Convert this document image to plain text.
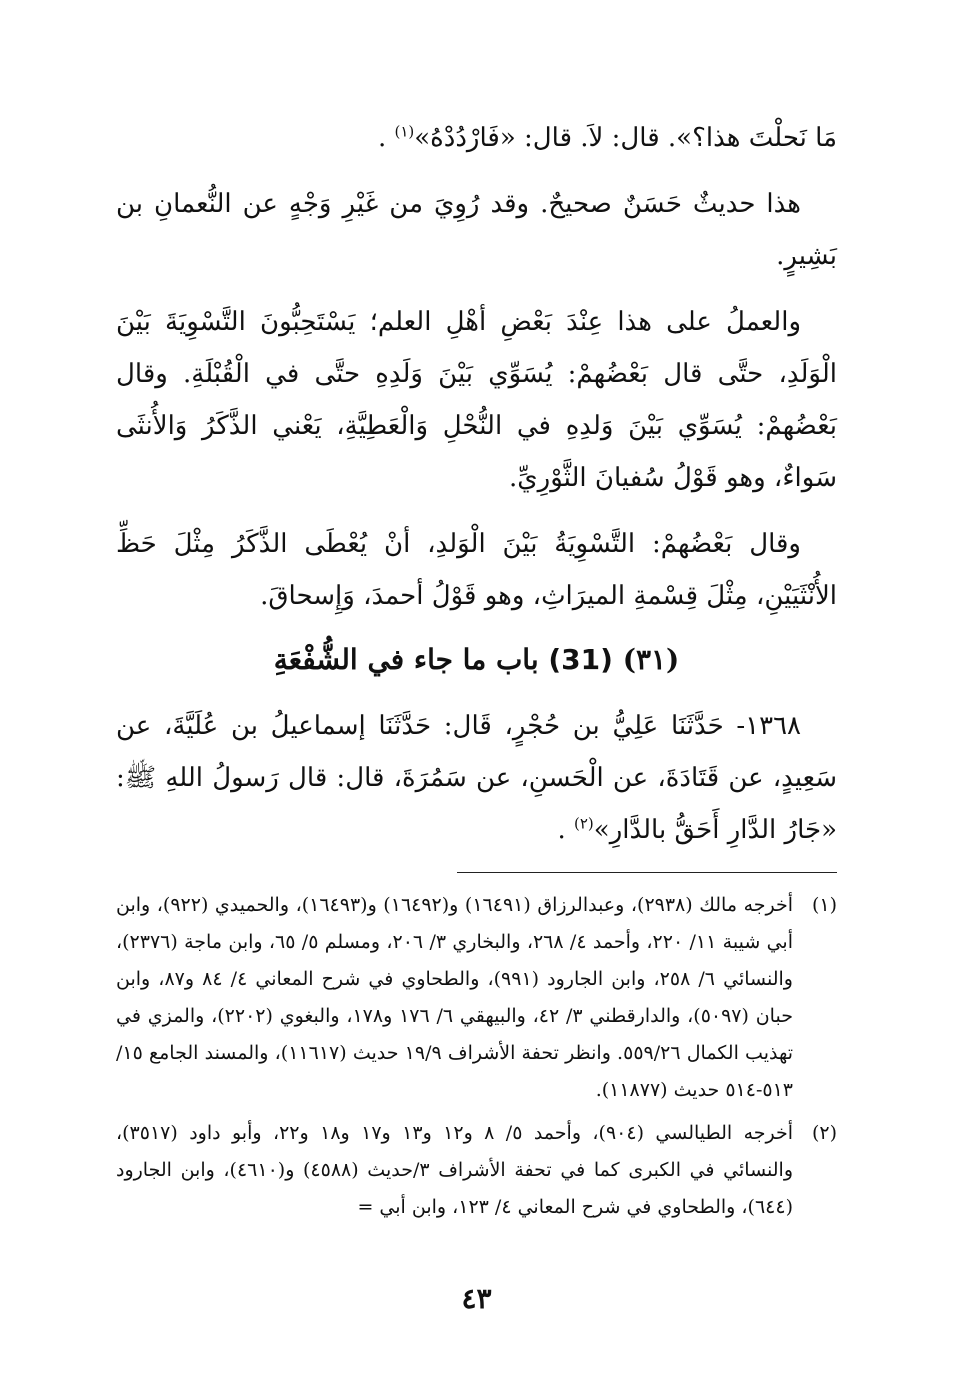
مَا نَحلْتَ هذا؟». قال: لاَ. قال: «فَارْدُدْهُ»$^{(١)}$ .

هذا حديثٌ حَسَنٌ صحيحٌ. وقد رُوِيَ من غَيْرِ وَجْهٍ عن النُّعمانِ بن بَشِيرٍ.

والعملُ على هذا عِنْدَ بَعْضِ أهْلِ العلم؛ يَسْتَحِبُّونَ التَّسْوِيَةَ بَيْنَ الْوَلَدِ، حتَّى قال بَعْضُهمْ: يُسَوِّي بَيْنَ وَلَدِهِ حتَّى في الْقُبْلَةِ. وقال بَعْضُهمْ: يُسَوِّي بَيْنَ وَلدِهِ في النُّحْلِ وَالْعَطِيَّةِ، يَعْني الذَّكَرُ وَالأُنثَى سَواءٌ، وهو قَوْلُ سُفيانَ الثَّوْرِيِّ.

وقال بَعْضُهمْ: التَّسْوِيَةُ بَيْنَ الْوَلدِ، أنْ يُعْطَى الذَّكَرُ مِثْلَ حَظِّ الأُنْثَيَيْنِ، مِثْلَ قِسْمةِ الميرَاثِ، وهو قَوْلُ أحمدَ، وَإِسحاقَ.

(٣١) (31) باب ما جاء في الشُّفْعَةِ

١٣٦٨- حَدَّثَنَا عَلِيُّ بن حُجْرٍ، قَال: حَدَّثَنَا إسماعيلُ بن عُلَيَّةَ، عن سَعِيدٍ، عن قَتَادَةَ، عن الْحَسنِ، عن سَمُرَةَ، قال: قال رَسولُ اللهِ ﷺ: «جَارُ الدَّارِ أَحَقُّ بالدَّارِ»$^{(٢)}$ .

(١)
أخرجه مالك (٢٩٣٨)، وعبدالرزاق (١٦٤٩١) و(١٦٤٩٢) و(١٦٤٩٣)، والحميدي (٩٢٢)، وابن أبي شيبة ١١/ ٢٢٠، وأحمد ٤/ ٢٦٨، والبخاري ٣/ ٢٠٦، ومسلم ٥/ ٦٥، وابن ماجة (٢٣٧٦)، والنسائي ٦/ ٢٥٨، وابن الجارود (٩٩١)، والطحاوي في شرح المعاني ٤/ ٨٤ و٨٧، وابن حبان (٥٠٩٧)، والدارقطني ٣/ ٤٢، والبيهقي ٦/ ١٧٦ و١٧٨، والبغوي (٢٢٠٢)، والمزي في تهذيب الكمال ٥٥٩/٢٦. وانظر تحفة الأشراف ١٩/٩ حديث (١١٦١٧)، والمسند الجامع ١٥/ ٥١٣-٥١٤ حديث (١١٨٧٧).
(٢)
أخرجه الطيالسي (٩٠٤)، وأحمد ٥/ ٨ و١٢ و١٣ و١٧ و١٨ و٢٢، وأبو داود (٣٥١٧)، والنسائي في الكبرى كما في تحفة الأشراف ٣/حديث (٤٥٨٨) و(٤٦١٠)، وابن الجارود (٦٤٤)، والطحاوي في شرح المعاني ٤/ ١٢٣، وابن أبي =
٤٣
